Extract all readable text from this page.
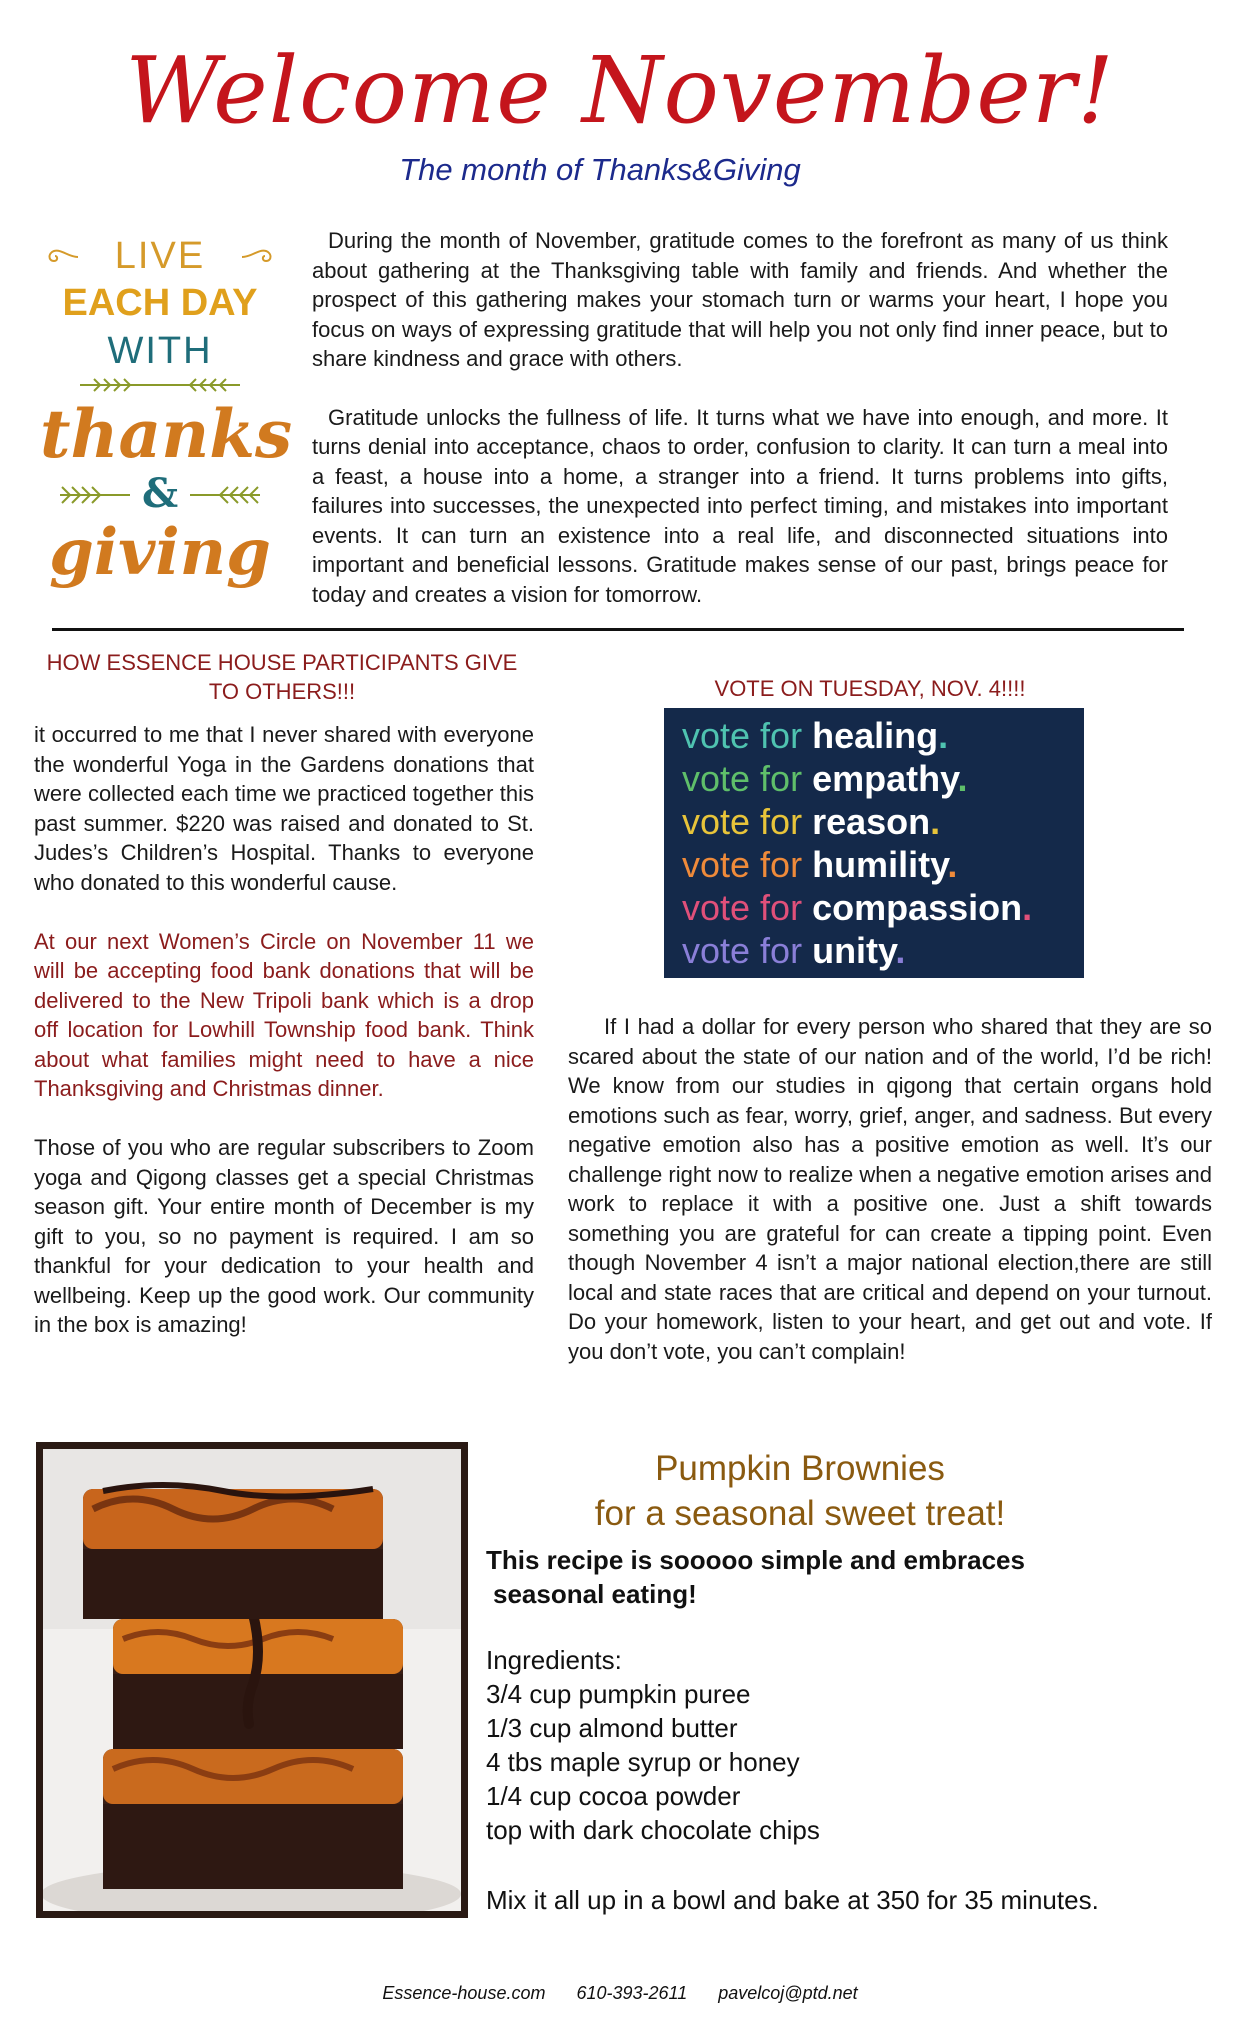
Welcome November!
The month of Thanks&Giving
LIVE
EACH DAY
WITH
thanks
&
giving

During the month of November, gratitude comes to the forefront as many of us think about gathering at the Thanksgiving table with family and friends. And whether the prospect of this gathering makes your stomach turn or warms your heart, I hope you focus on ways of expressing gratitude that will help you not only find inner peace, but to share kindness and grace with others.

Gratitude unlocks the fullness of life. It turns what we have into enough, and more. It turns denial into acceptance, chaos to order, confusion to clarity. It can turn a meal into a feast, a house into a home, a stranger into a friend. It turns problems into gifts, failures into successes, the unexpected into perfect timing, and mistakes into important events. It can turn an existence into a real life, and disconnected situations into important and beneficial lessons. Gratitude makes sense of our past, brings peace for today and creates a vision for tomorrow.

HOW ESSENCE HOUSE PARTICIPANTS GIVE TO OTHERS!!!

it occurred to me that I never shared with everyone the wonderful Yoga in the Gardens donations that were collected each time we practiced together this past summer. $220 was raised and donated to St. Judes’s Children’s Hospital. Thanks to everyone who donated to this wonderful cause.

At our next Women’s Circle on November 11 we will be accepting food bank donations that will be delivered to the New Tripoli bank which is a drop off location for Lowhill Township food bank. Think about what families might need to have a nice Thanksgiving and Christmas dinner.

Those of you who are regular subscribers to Zoom yoga and Qigong classes get a special Christmas season gift. Your entire month of December is my gift to you, so no payment is required. I am so thankful for your dedication to your health and wellbeing. Keep up the good work. Our community in the box is amazing!

VOTE ON TUESDAY, NOV. 4!!!!
vote for healing.
vote for empathy.
vote for reason.
vote for humility.
vote for compassion.
vote for unity.

If I had a dollar for every person who shared that they are so scared about the state of our nation and of the world, I’d be rich! We know from our studies in qigong that certain organs hold emotions such as fear, worry, grief, anger, and sadness. But every negative emotion also has a positive emotion as well. It’s our challenge right now to realize when a negative emotion arises and work to replace it with a positive one. Just a shift towards something you are grateful for can create a tipping point. Even though November 4 isn’t a major national election,there are still local and state races that are critical and depend on your turnout. Do your homework, listen to your heart, and get out and vote. If you don’t vote, you can’t complain!

Pumpkin Brownies
for a seasonal sweet treat!
This recipe is sooooo simple and embraces
seasonal eating!
Ingredients:
3/4 cup pumpkin puree
1/3 cup almond butter
4 tbs maple syrup or honey
1/4 cup cocoa powder
top with dark chocolate chips
Mix it all up in a bowl and bake at 350 for 35 minutes.
Essence-house.com 610-393-2611 pavelcoj@ptd.net
